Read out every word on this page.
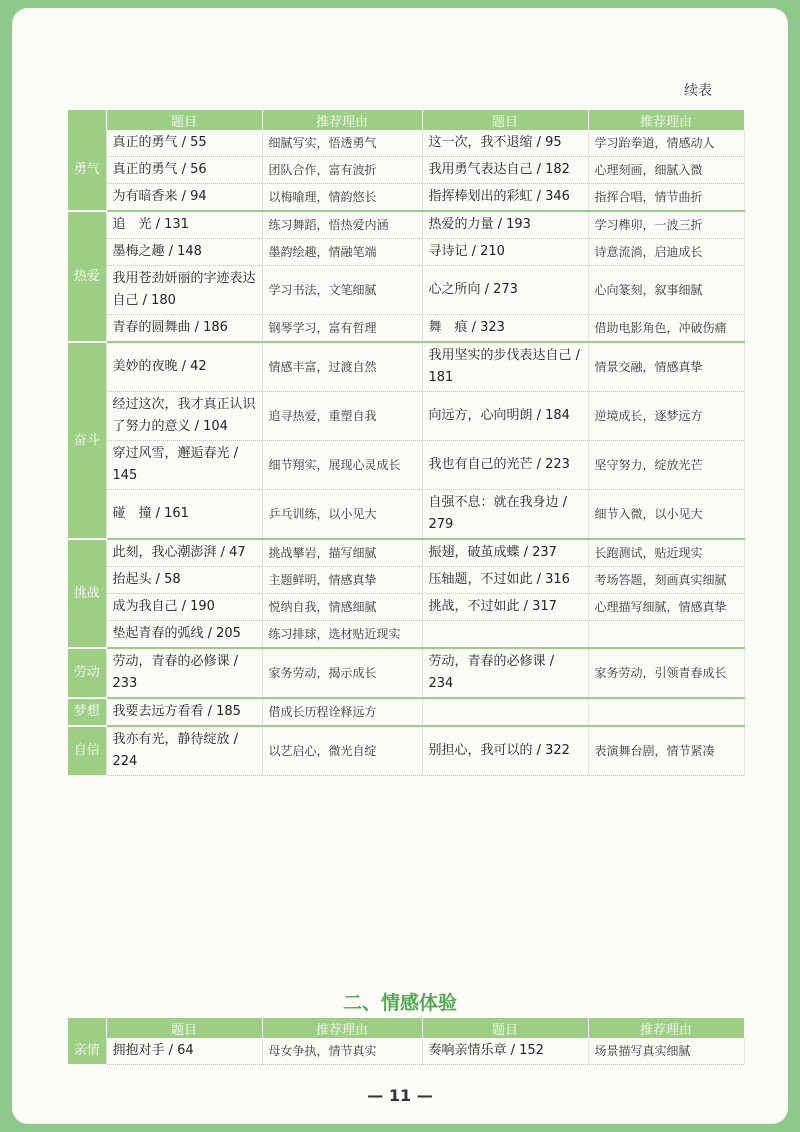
续表
	题目	推荐理由	题目	推荐理由
勇气	真正的勇气 / 55	细腻写实，悟透勇气	这一次，我不退缩 / 95	学习跆拳道，情感动人
	真正的勇气 / 56	团队合作，富有波折	我用勇气表达自己 / 182	心理刻画，细腻入微
	为有暗香来 / 94	以梅喻理，情韵悠长	指挥棒划出的彩虹 / 346	指挥合唱，情节曲折
热爱	追　光 / 131	练习舞蹈，悟热爱内涵	热爱的力量 / 193	学习榫卯，一波三折
	墨梅之趣 / 148	墨韵绘趣，情融笔端	寻诗记 / 210	诗意流淌，启迪成长
	我用苍劲妍丽的字迹表达自己 / 180	学习书法，文笔细腻	心之所向 / 273	心向篆刻，叙事细腻
	青春的圆舞曲 / 186	钢琴学习，富有哲理	舞　痕 / 323	借助电影角色，冲破伤痛
奋斗	美妙的夜晚 / 42	情感丰富，过渡自然	我用坚实的步伐表达自己 / 181	情景交融，情感真挚
	经过这次，我才真正认识了努力的意义 / 104	追寻热爱，重塑自我	向远方，心向明朗 / 184	逆境成长，逐梦远方
	穿过风雪，邂逅春光 / 145	细节翔实，展现心灵成长	我也有自己的光芒 / 223	坚守努力，绽放光芒
	碰　撞 / 161	乒乓训练，以小见大	自强不息：就在我身边 / 279	细节入微，以小见大
挑战	此刻，我心潮澎湃 / 47	挑战攀岩，描写细腻	振翅，破茧成蝶 / 237	长跑测试，贴近现实
	抬起头 / 58	主题鲜明，情感真挚	压轴题，不过如此 / 316	考场答题，刻画真实细腻
	成为我自己 / 190	悦纳自我，情感细腻	挑战，不过如此 / 317	心理描写细腻，情感真挚
	垫起青春的弧线 / 205	练习排球，选材贴近现实		
劳动	劳动，青春的必修课 / 233	家务劳动，揭示成长	劳动，青春的必修课 / 234	家务劳动，引领青春成长
梦想	我要去远方看看 / 185	借成长历程诠释远方		
自信	我亦有光，静待绽放 / 224	以艺启心，微光自绽	别担心，我可以的 / 322	表演舞台剧，情节紧凑
二、情感体验
	题目	推荐理由	题目	推荐理由
亲情	拥抱对手 / 64	母女争执，情节真实	奏响亲情乐章 / 152	场景描写真实细腻
— 11 —
